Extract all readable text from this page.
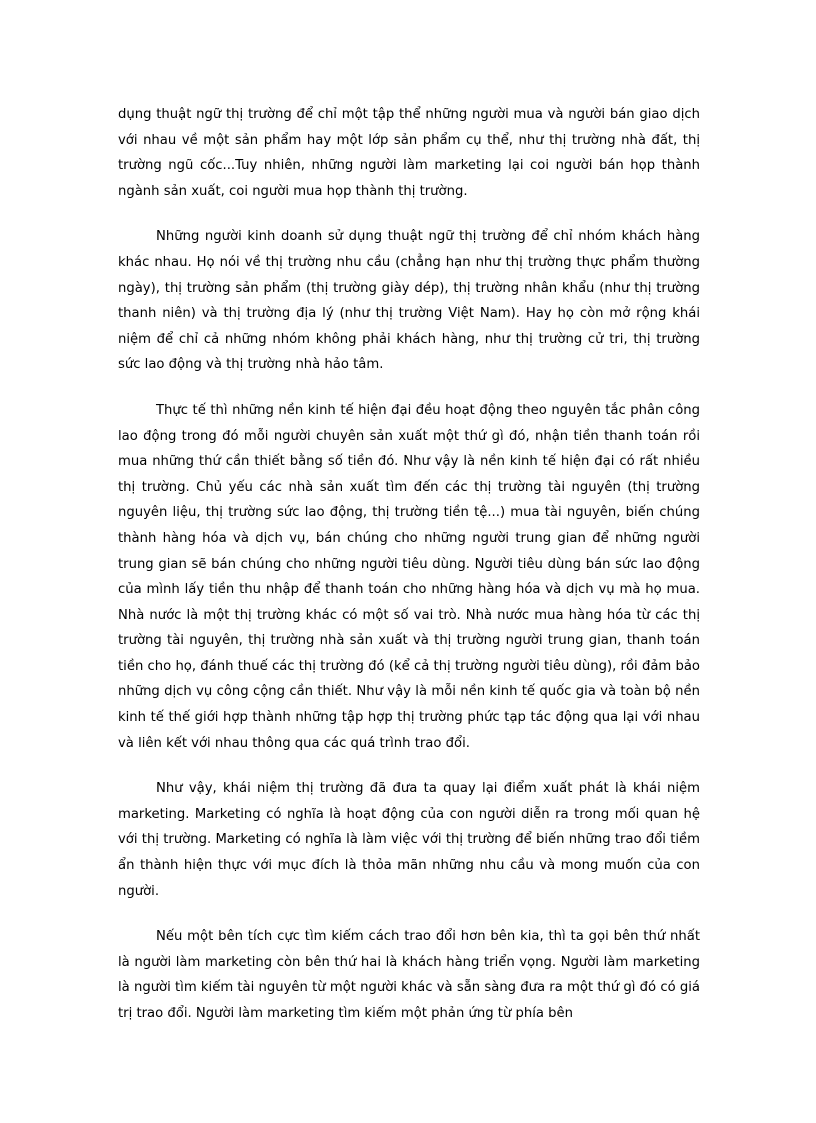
dụng thuật ngữ thị trường để chỉ một tập thể những người mua và người bán giao dịch với nhau về một sản phẩm hay một lớp sản phẩm cụ thể, như thị trường nhà đất, thị trường ngũ cốc...Tuy nhiên, những người làm marketing lại coi người bán họp thành ngành sản xuất, coi người mua họp thành thị trường.

Những người kinh doanh sử dụng thuật ngữ thị trường để chỉ nhóm khách hàng khác nhau. Họ nói về thị trường nhu cầu (chẳng hạn như thị trường thực phẩm thường ngày), thị trường sản phẩm (thị trường giày dép), thị trường nhân khẩu (như thị trường thanh niên) và thị trường địa lý (như thị trường Việt Nam). Hay họ còn mở rộng khái niệm để chỉ cả những nhóm không phải khách hàng, như thị trường cử tri, thị trường sức lao động và thị trường nhà hảo tâm.

Thực tế thì những nền kinh tế hiện đại đều hoạt động theo nguyên tắc phân công lao động trong đó mỗi người chuyên sản xuất một thứ gì đó, nhận tiền thanh toán rồi mua những thứ cần thiết bằng số tiền đó. Như vậy là nền kinh tế hiện đại có rất nhiều thị trường. Chủ yếu các nhà sản xuất tìm đến các thị trường tài nguyên (thị trường nguyên liệu, thị trường sức lao động, thị trường tiền tệ...) mua tài nguyên, biến chúng thành hàng hóa và dịch vụ, bán chúng cho những người trung gian để những người trung gian sẽ bán chúng cho những người tiêu dùng. Người tiêu dùng bán sức lao động của mình lấy tiền thu nhập để thanh toán cho những hàng hóa và dịch vụ mà họ mua. Nhà nước là một thị trường khác có một số vai trò. Nhà nước mua hàng hóa từ các thị trường tài nguyên, thị trường nhà sản xuất và thị trường người trung gian, thanh toán tiền cho họ, đánh thuế các thị trường đó (kể cả thị trường người tiêu dùng), rồi đảm bảo những dịch vụ công cộng cần thiết. Như vậy là mỗi nền kinh tế quốc gia và toàn bộ nền kinh tế thế giới hợp thành những tập hợp thị trường phức tạp tác động qua lại với nhau và liên kết với nhau thông qua các quá trình trao đổi.

Như vậy, khái niệm thị trường đã đưa ta quay lại điểm xuất phát là khái niệm marketing. Marketing có nghĩa là hoạt động của con người diễn ra trong mối quan hệ với thị trường. Marketing có nghĩa là làm việc với thị trường để biến những trao đổi tiềm ẩn thành hiện thực với mục đích là thỏa mãn những nhu cầu và mong muốn của con người.

Nếu một bên tích cực tìm kiếm cách trao đổi hơn bên kia, thì ta gọi bên thứ nhất là người làm marketing còn bên thứ hai là khách hàng triển vọng. Người làm marketing là người tìm kiếm tài nguyên từ một người khác và sẵn sàng đưa ra một thứ gì đó có giá trị trao đổi. Người làm marketing tìm kiếm một phản ứng từ phía bên
